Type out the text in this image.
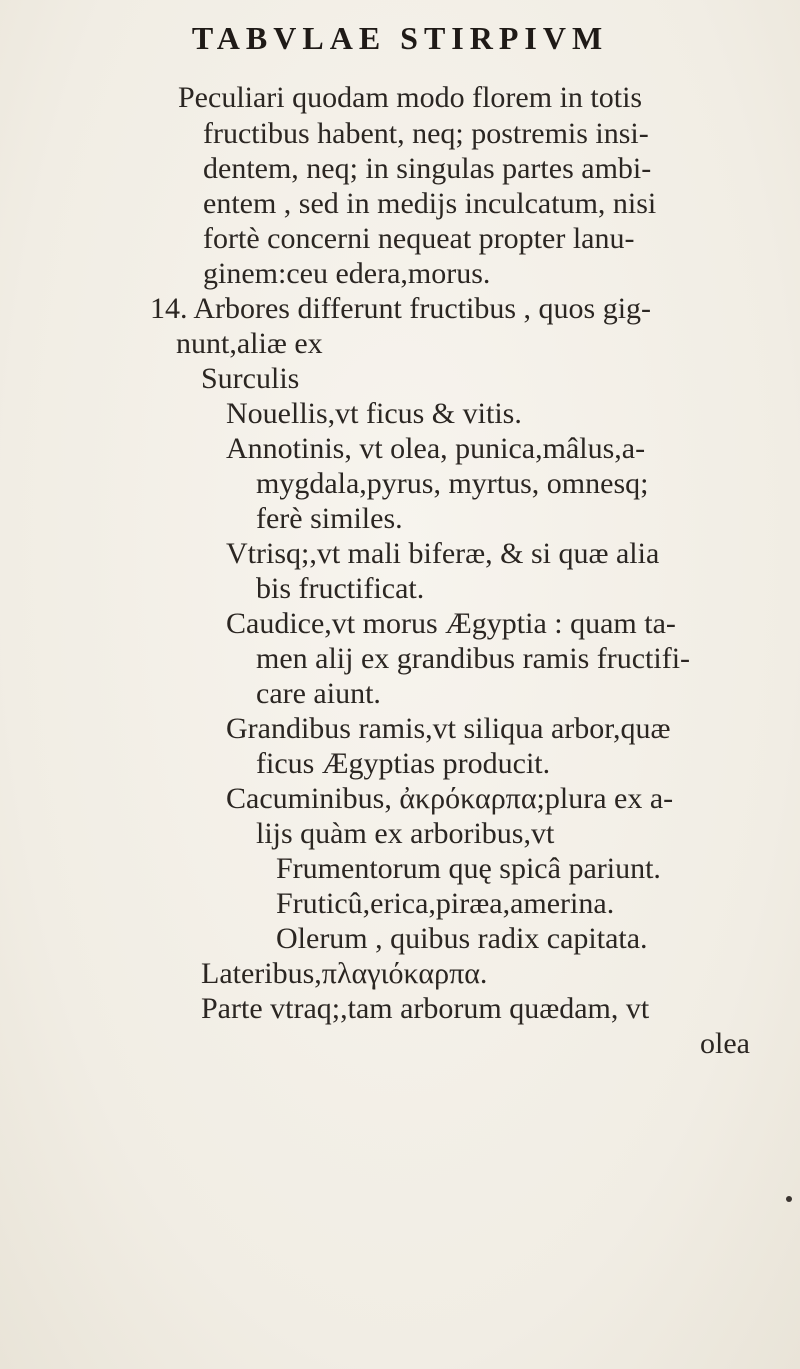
TABVLAE STIRPIVM
Peculiari quodam modo florem in totis
fructibus habent, neq; postremis insi-
dentem, neq; in singulas partes ambi-
entem , sed in medijs inculcatum, nisi
fortè concerni nequeat propter lanu-
ginem:ceu edera,morus.
14. Arbores differunt fructibus , quos gig-
nunt,aliæ ex
Surculis
Nouellis,vt ficus & vitis.
Annotinis, vt olea, punica,mâlus,a-
mygdala,pyrus, myrtus, omnesq;
ferè similes.
Vtrisq;,vt mali biferæ, & si quæ alia
bis fructificat.
Caudice,vt morus Ægyptia : quam ta-
men alij ex grandibus ramis fructifi-
care aiunt.
Grandibus ramis,vt siliqua arbor,quæ
ficus Ægyptias producit.
Cacuminibus, ἀκρόκαρπα;plura ex a-
lijs quàm ex arboribus,vt
Frumentorum quę spicâ pariunt.
Fruticû,erica,piræa,amerina.
Olerum , quibus radix capitata.
Lateribus,πλαγιόκαρπα.
Parte vtraq;,tam arborum quædam, vt
olea
